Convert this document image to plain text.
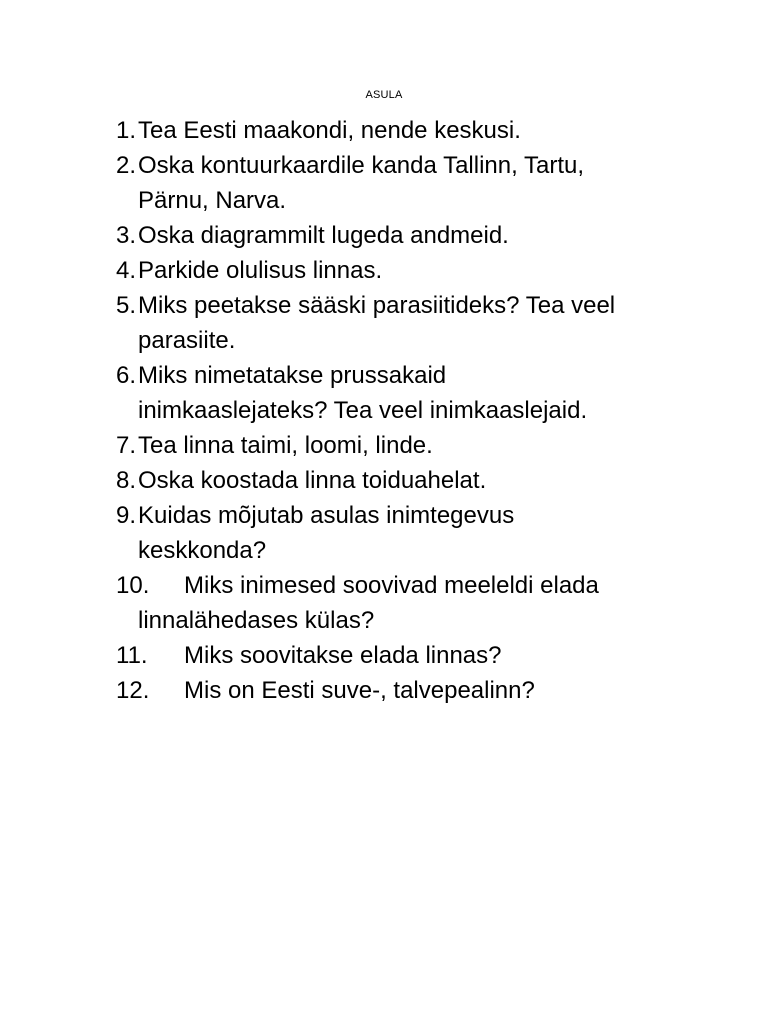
ASULA
1. Tea Eesti maakondi, nende keskusi.
2. Oska kontuurkaardile kanda Tallinn, Tartu,
Pärnu, Narva.
3. Oska diagrammilt lugeda andmeid.
4. Parkide olulisus linnas.
5. Miks peetakse sääski parasiitideks? Tea veel
parasiite.
6. Miks nimetatakse prussakaid
inimkaaslejateks? Tea veel inimkaaslejaid.
7. Tea linna taimi, loomi, linde.
8. Oska koostada linna toiduahelat.
9. Kuidas mõjutab asulas inimtegevus
keskkonda?
10.	Miks inimesed soovivad meeleldi elada
linnalähedases külas?
11.	Miks soovitakse elada linnas?
12.	Mis on Eesti suve-, talvepealinn?
